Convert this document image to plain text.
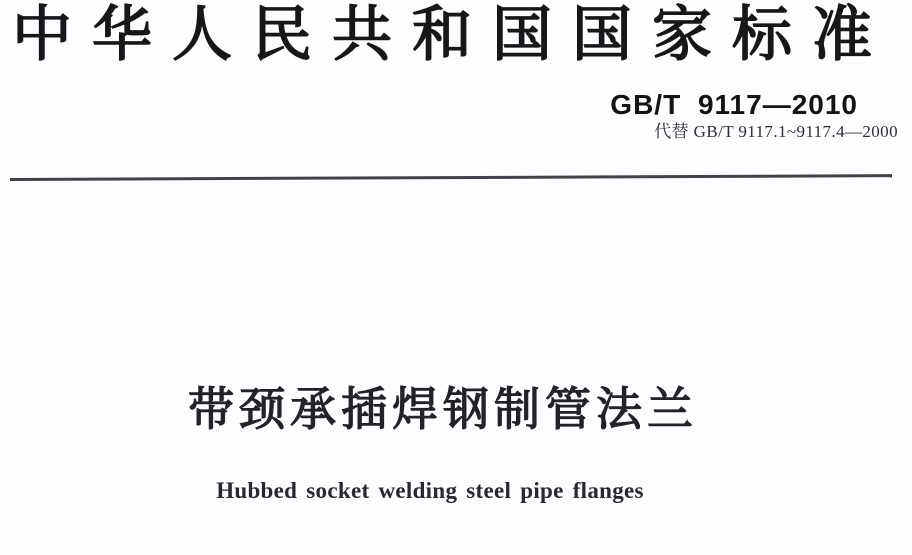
中华人民共和国国家标准
GB/T 9117—2010
代替 GB/T 9117.1~9117.4—2000
带颈承插焊钢制管法兰
Hubbed socket welding steel pipe flanges
